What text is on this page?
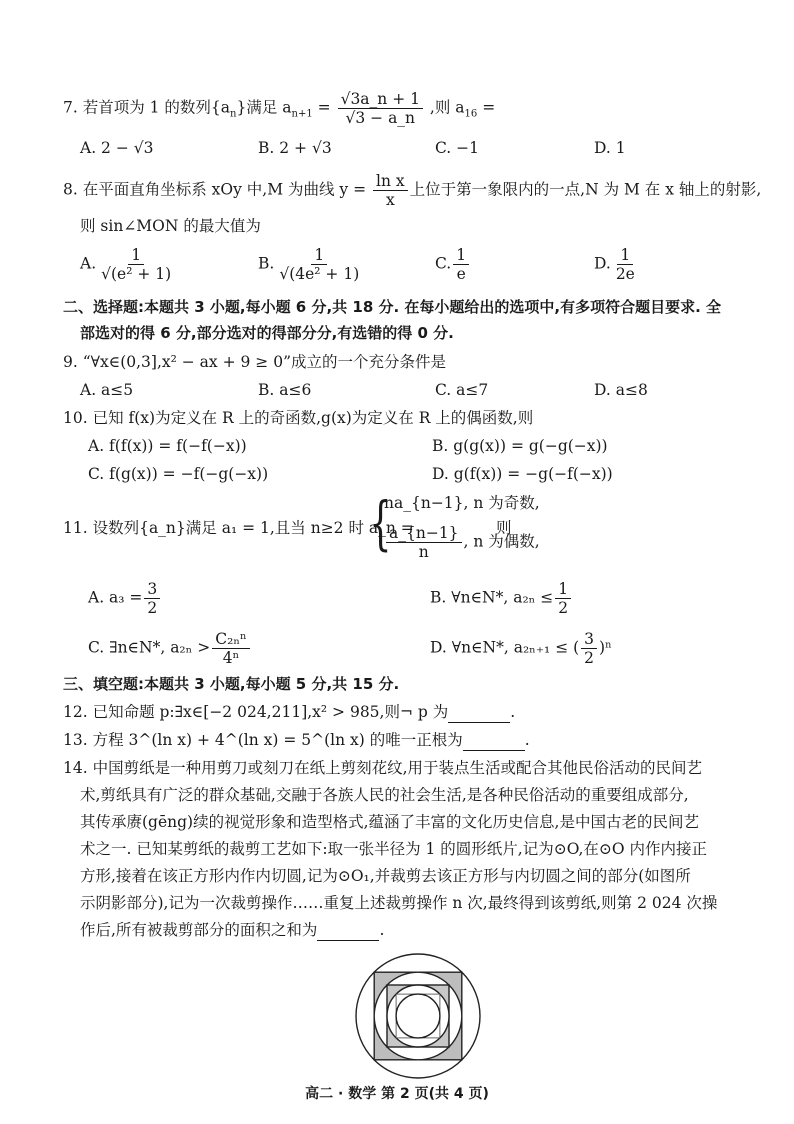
7. 若首项为 1 的数列$\{a_n\}$满足 $a_{n+1} = \frac{√3a\_n + 1}{√3 - a\_n}$ ,则 $a_{16}$ =
A. 2 − √3	B. 2 + √3	C. −1	D. 1
8. 在平面直角坐标系 xOy 中,M 为曲线 $y = \frac{\text{ln x}}{x}$ 上位于第一象限内的一点,N 为 M 在 x 轴上的射影,
则 sin∠MON 的最大值为
A. $\frac{1}{\text{√(e² + 1)}}$	B. $\frac{1}{\text{√(4e² + 1)}}$	C. $\frac{1}{e}$	D. $\frac{1}{2e}$
二、选择题:本题共 3 小题,每小题 6 分,共 18 分. 在每小题给出的选项中,有多项符合题目要求. 全
部选对的得 6 分,部分选对的得部分分,有选错的得 0 分.
9. “∀x∈(0,3],x² − ax + 9 ≥ 0”成立的一个充分条件是
A. a≤5	B. a≤6	C. a≤7	D. a≤8
10. 已知 f(x)为定义在 R 上的奇函数,g(x)为定义在 R 上的偶函数,则
A. f(f(x)) = f(−f(−x))	B. g(g(x)) = g(−g(−x))
C. f(g(x)) = −f(−g(−x))	D. g(f(x)) = −g(−f(−x))
11. 设数列{a_n}满足 a₁ = 1,且当 n≥2 时 a_n =
{
na_{n−1}, n 为奇数,
$\frac{a\_\{n-1\}}{n}$ , n 为偶数,
则
A. $a_3 = \frac{3}{2}$	B. ∀n∈N*, $a_{2n} \le \frac{1}{2}$
C. ∃n∈N*, $a_{2n} > \frac{\text{C₂ₙⁿ}}{\text{4ⁿ}}$	D. ∀n∈N*, a₂ₙ₊₁ ≤ ( $\frac{3}{2} )^n$
三、填空题:本题共 3 小题,每小题 5 分,共 15 分.
12. 已知命题 p:∃x∈[−2 024,211],x² > 985,则¬ p 为	.
13. 方程 3^(ln x) + 4^(ln x) = 5^(ln x) 的唯一正根为	.
14. 中国剪纸是一种用剪刀或刻刀在纸上剪刻花纹,用于装点生活或配合其他民俗活动的民间艺
术,剪纸具有广泛的群众基础,交融于各族人民的社会生活,是各种民俗活动的重要组成部分,
其传承赓(gēng)续的视觉形象和造型格式,蕴涵了丰富的文化历史信息,是中国古老的民间艺
术之一. 已知某剪纸的裁剪工艺如下:取一张半径为 1 的圆形纸片,记为⊙O,在⊙O 内作内接正
方形,接着在该正方形内作内切圆,记为⊙O₁,并裁剪去该正方形与内切圆之间的部分(如图所
示阴影部分),记为一次裁剪操作……重复上述裁剪操作 n 次,最终得到该剪纸,则第 2 024 次操
作后,所有被裁剪部分的面积之和为	.
高二 · 数学 第 2 页(共 4 页)
